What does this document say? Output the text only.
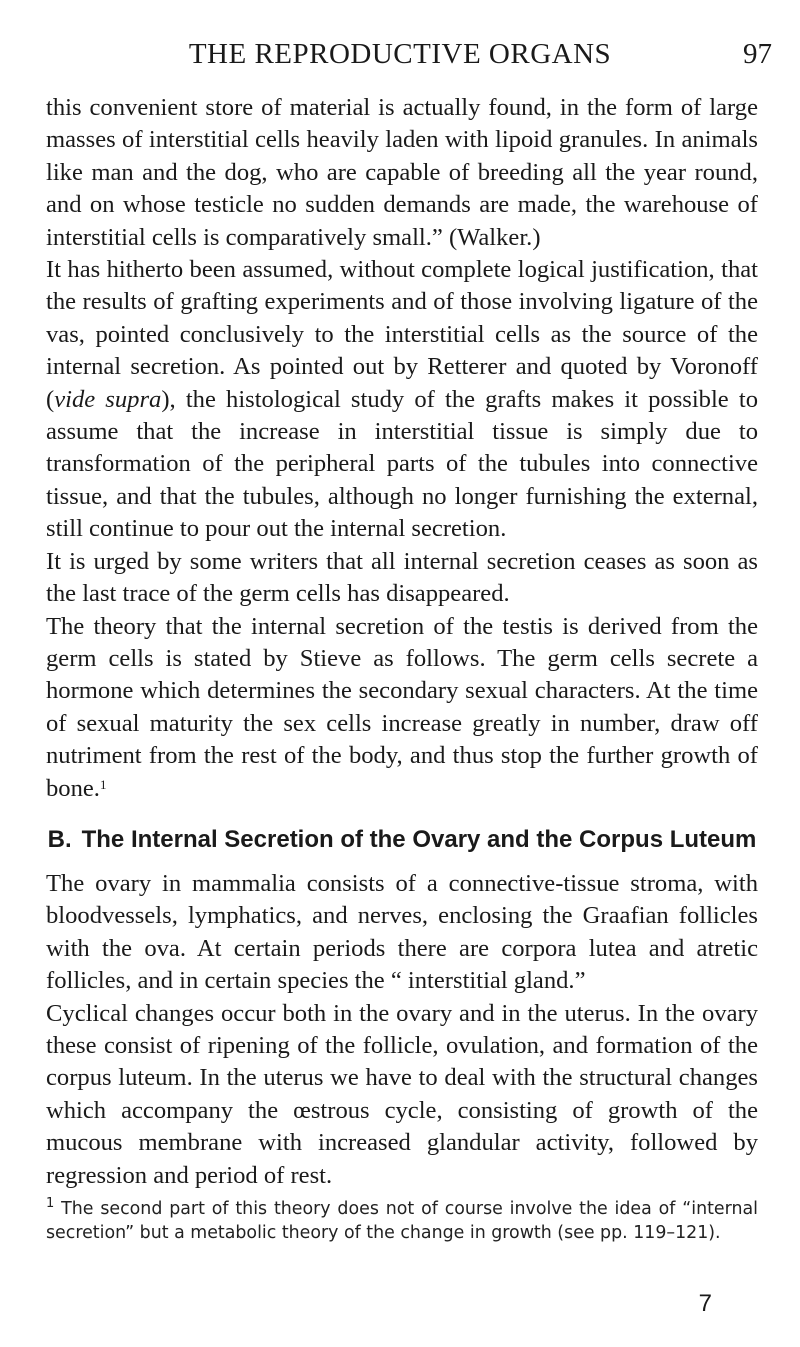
THE REPRODUCTIVE ORGANS	97

this convenient store of material is actually found, in the form of large masses of interstitial cells heavily laden with lipoid granules. In animals like man and the dog, who are capable of breeding all the year round, and on whose testicle no sudden demands are made, the warehouse of interstitial cells is comparatively small.” (Walker.)

It has hitherto been assumed, without complete logical justification, that the results of grafting experiments and of those involving ligature of the vas, pointed conclusively to the interstitial cells as the source of the internal secretion. As pointed out by Retterer and quoted by Voronoff (vide supra), the histological study of the grafts makes it possible to assume that the increase in interstitial tissue is simply due to transformation of the peripheral parts of the tubules into connective tissue, and that the tubules, although no longer furnishing the external, still continue to pour out the internal secretion.

It is urged by some writers that all internal secretion ceases as soon as the last trace of the germ cells has disappeared.

The theory that the internal secretion of the testis is derived from the germ cells is stated by Stieve as follows. The germ cells secrete a hormone which determines the secondary sexual characters. At the time of sexual maturity the sex cells increase greatly in number, draw off nutriment from the rest of the body, and thus stop the further growth of bone.$^1$

B. The Internal Secretion of the Ovary and the Corpus Luteum

The ovary in mammalia consists of a connective-tissue stroma, with bloodvessels, lymphatics, and nerves, enclosing the Graafian follicles with the ova. At certain periods there are corpora lutea and atretic follicles, and in certain species the “ interstitial gland.”

Cyclical changes occur both in the ovary and in the uterus. In the ovary these consist of ripening of the follicle, ovulation, and formation of the corpus luteum. In the uterus we have to deal with the structural changes which accompany the œstrous cycle, consisting of growth of the mucous membrane with increased glandular activity, followed by regression and period of rest.

$^1$ The second part of this theory does not of course involve the idea of “internal secretion” but a metabolic theory of the change in growth (see pp. 119–121).
7
